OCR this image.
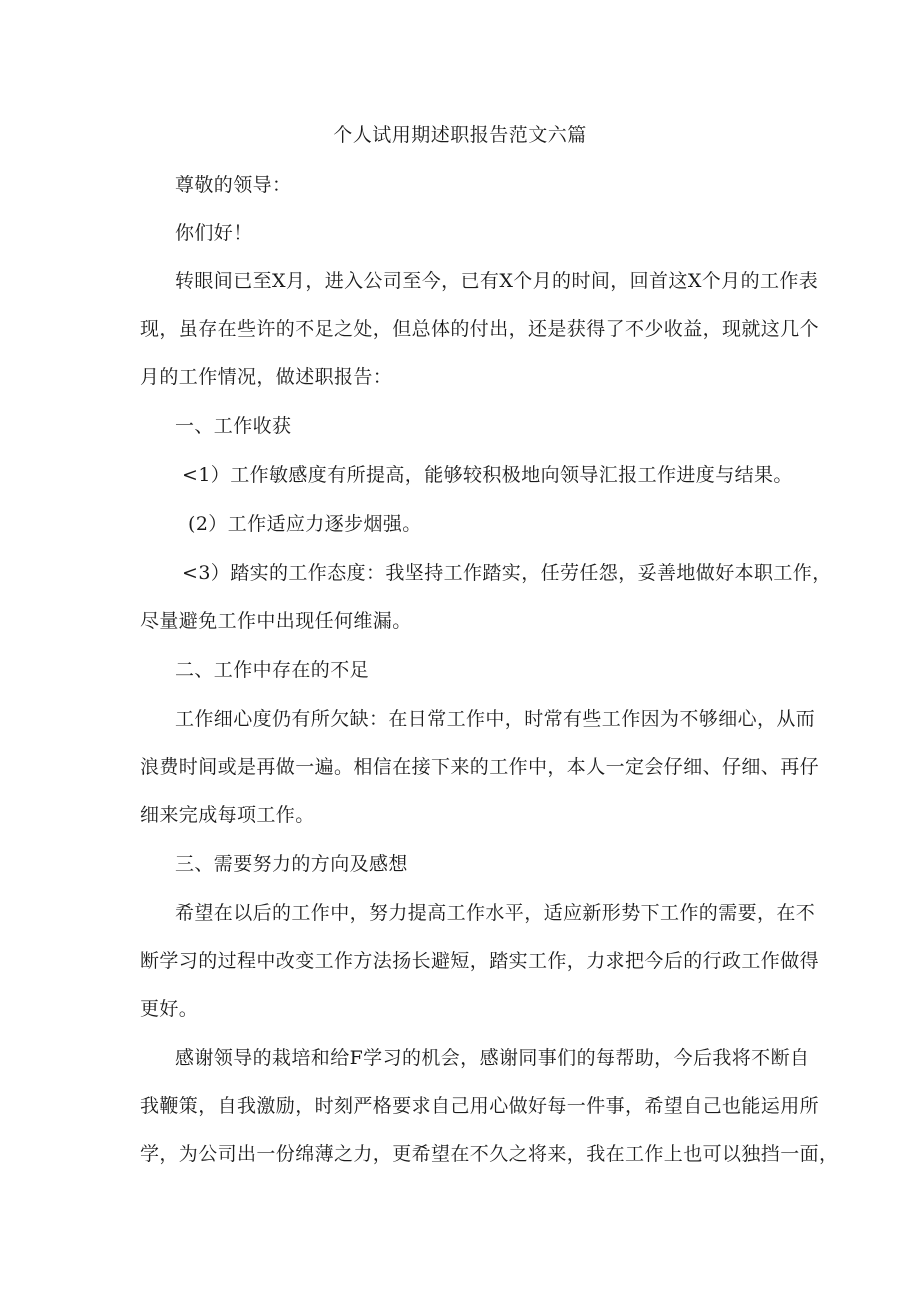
个人试用期述职报告范文六篇
尊敬的领导：
你们好！
转眼间已至X月，进入公司至今，已有X个月的时间，回首这X个月的工作表
现，虽存在些许的不足之处，但总体的付出，还是获得了不少收益，现就这几个
月的工作情况，做述职报告：
一、工作收获
<1）工作敏感度有所提高，能够较积极地向领导汇报工作进度与结果。
(2）工作适应力逐步烟强。
<3）踏实的工作态度：我坚持工作踏实，任劳任怨，妥善地做好本职工作，
尽量避免工作中出现任何维漏。
二、工作中存在的不足
工作细心度仍有所欠缺：在日常工作中，时常有些工作因为不够细心，从而
浪费时间或是再做一遍。相信在接下来的工作中，本人一定会仔细、仔细、再仔
细来完成每项工作。
三、需要努力的方向及感想
希望在以后的工作中，努力提高工作水平，适应新形势下工作的需要，在不
断学习的过程中改变工作方法扬长避短，踏实工作，力求把今后的行政工作做得
更好。
感谢领导的栽培和给F学习的机会，感谢同事们的每帮助，今后我将不断自
我鞭策，自我激励，时刻严格要求自己用心做好每一件事，希望自己也能运用所
学，为公司出一份绵薄之力，更希望在不久之将来，我在工作上也可以独挡一面，
